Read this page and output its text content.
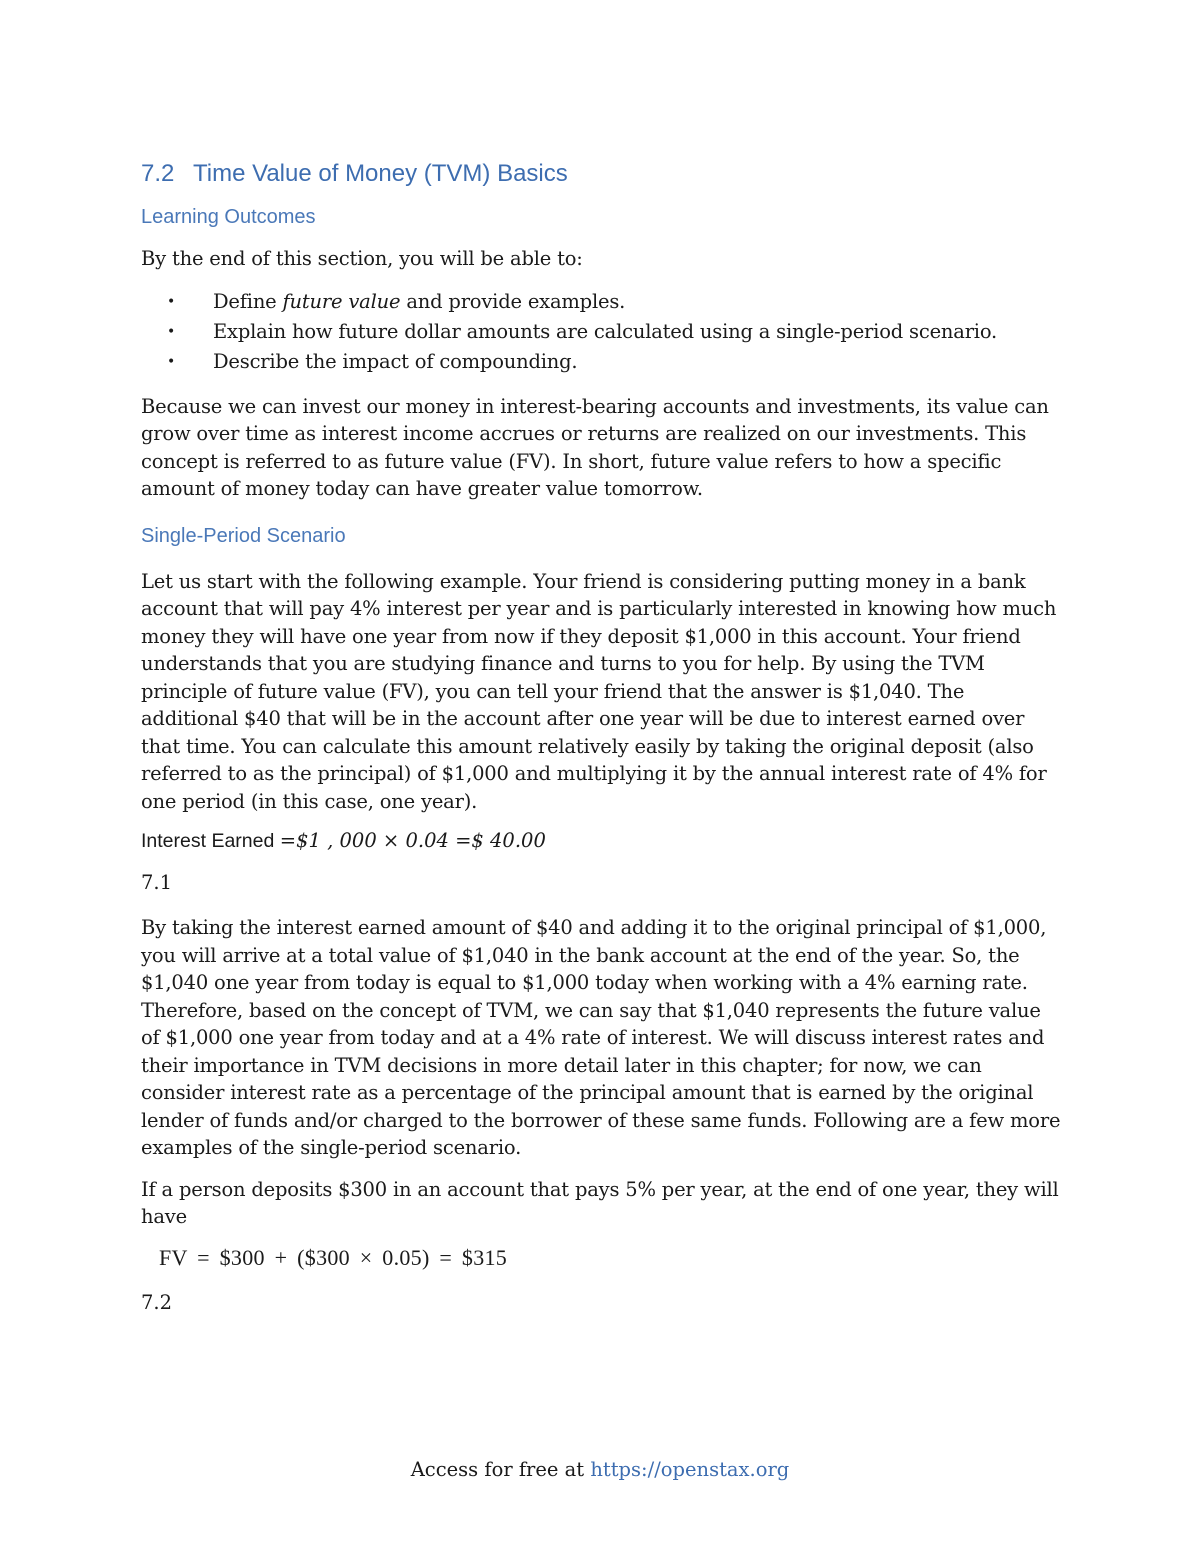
7.2 Time Value of Money (TVM) Basics
Learning Outcomes

By the end of this section, you will be able to:

• Define future value and provide examples.
• Explain how future dollar amounts are calculated using a single-period scenario.
• Describe the impact of compounding.

Because we can invest our money in interest-bearing accounts and investments, its value can grow over time as interest income accrues or returns are realized on our investments. This concept is referred to as future value (FV). In short, future value refers to how a specific amount of money today can have greater value tomorrow.

Single-Period Scenario

Let us start with the following example. Your friend is considering putting money in a bank account that will pay 4% interest per year and is particularly interested in knowing how much money they will have one year from now if they deposit $1,000 in this account. Your friend understands that you are studying finance and turns to you for help. By using the TVM principle of future value (FV), you can tell your friend that the answer is $1,040. The additional $40 that will be in the account after one year will be due to interest earned over that time. You can calculate this amount relatively easily by taking the original deposit (also referred to as the principal) of $1,000 and multiplying it by the annual interest rate of 4% for one period (in this case, one year).

Interest Earned =$1 , 000 × 0.04 =$ 40.00
7.1

By taking the interest earned amount of $40 and adding it to the original principal of $1,000, you will arrive at a total value of $1,040 in the bank account at the end of the year. So, the $1,040 one year from today is equal to $1,000 today when working with a 4% earning rate. Therefore, based on the concept of TVM, we can say that $1,040 represents the future value of $1,000 one year from today and at a 4% rate of interest. We will discuss interest rates and their importance in TVM decisions in more detail later in this chapter; for now, we can consider interest rate as a percentage of the principal amount that is earned by the original lender of funds and/or charged to the borrower of these same funds. Following are a few more examples of the single-period scenario.

If a person deposits $300 in an account that pays 5% per year, at the end of one year, they will have

FV = $300 + ($300 × 0.05) = $315
7.2
Access for free at https://openstax.org
